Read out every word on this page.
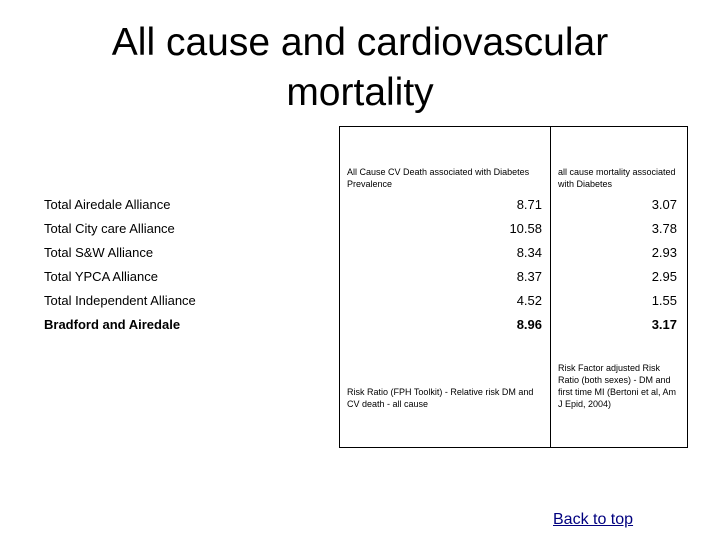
All cause and cardiovascular
mortality
All Cause CV Death associated with Diabetes Prevalence
all cause mortality associated with Diabetes
Total Airedale Alliance	8.71	3.07
Total City care Alliance	10.58	3.78
Total S&W Alliance	8.34	2.93
Total YPCA Alliance	8.37	2.95
Total Independent Alliance	4.52	1.55
Bradford and Airedale	8.96	3.17
Risk Ratio (FPH Toolkit) - Relative risk DM and CV death - all cause
Risk Factor adjusted Risk Ratio (both sexes) - DM and first time MI (Bertoni et al, Am J Epid, 2004)
Back to top
